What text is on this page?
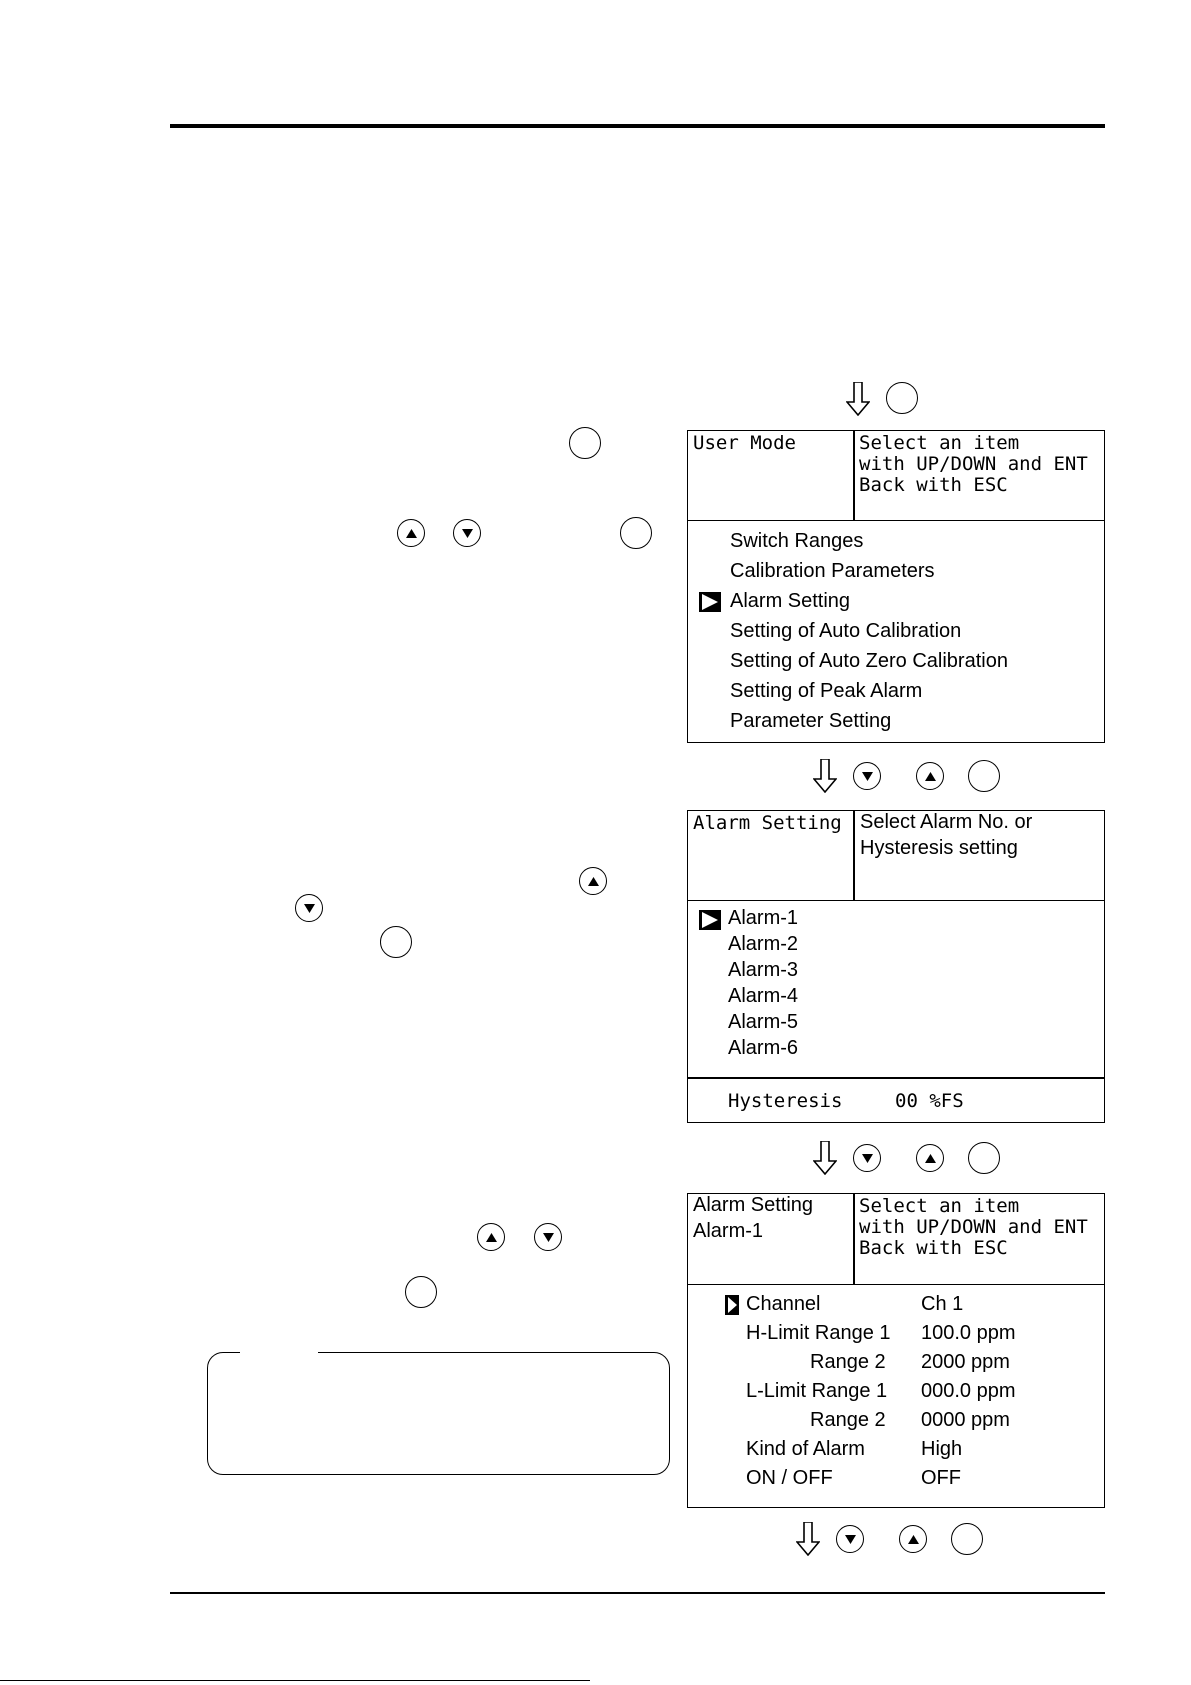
User Mode	Select an item
with UP/DOWN and ENT
Back with ESC
Switch Ranges
Calibration Parameters
Alarm Setting
Setting of Auto Calibration
Setting of Auto Zero Calibration
Setting of Peak Alarm
Parameter Setting
Alarm Setting Select Alarm No. or
Hysteresis setting
Alarm-1
Alarm-2
Alarm-3
Alarm-4
Alarm-5
Alarm-6
Hysteresis	00 %FS
Alarm Setting
Alarm-1
Select an item
with UP/DOWN and ENT
Back with ESC
Channel	Ch 1
H-Limit Range 1 100.0 ppm
Range 2 2000 ppm
L-Limit Range 1 000.0 ppm
Range 2 0000 ppm
Kind of Alarm	High
ON / OFF	OFF
